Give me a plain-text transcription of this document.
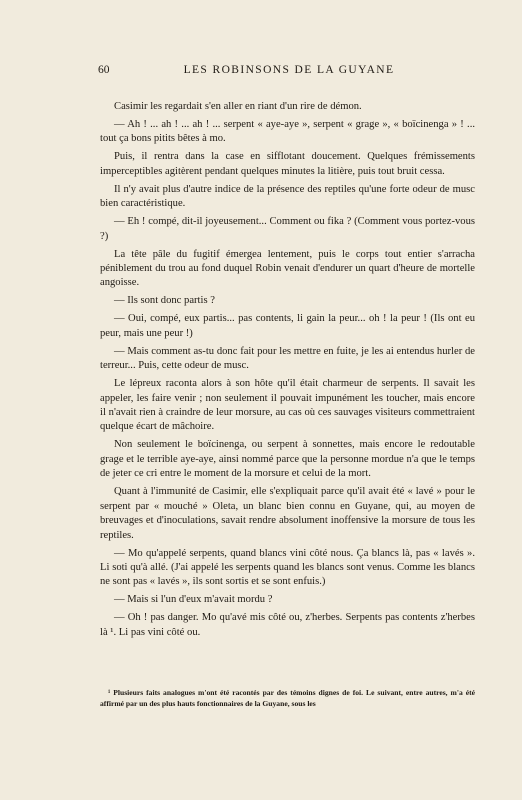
60	LES ROBINSONS DE LA GUYANE

Casimir les regardait s'en aller en riant d'un rire de démon.

— Ah ! ... ah ! ... ah ! ... serpent « aye-aye », serpent « grage », « boïcinenga » ! ... tout ça bons pitits bêtes à mo.

Puis, il rentra dans la case en sifflotant doucement. Quelques frémissements imperceptibles agitèrent pendant quelques minutes la litière, puis tout bruit cessa.

Il n'y avait plus d'autre indice de la présence des reptiles qu'une forte odeur de musc bien caractéristique.

— Eh ! compé, dit-il joyeusement... Comment ou fika ? (Comment vous portez-vous ?)

La tête pâle du fugitif émergea lentement, puis le corps tout entier s'arracha péniblement du trou au fond duquel Robin venait d'endurer un quart d'heure de mortelle angoisse.

— Ils sont donc partis ?

— Oui, compé, eux partis... pas contents, li gain la peur... oh ! la peur ! (Ils ont eu peur, mais une peur !)

— Mais comment as-tu donc fait pour les mettre en fuite, je les ai entendus hurler de terreur... Puis, cette odeur de musc.

Le lépreux raconta alors à son hôte qu'il était charmeur de serpents. Il savait les appeler, les faire venir ; non seulement il pouvait impunément les toucher, mais encore il n'avait rien à craindre de leur morsure, au cas où ces sauvages visiteurs commettraient quelque écart de mâchoire.

Non seulement le boïcinenga, ou serpent à sonnettes, mais encore le redoutable grage et le terrible aye-aye, ainsi nommé parce que la personne mordue n'a que le temps de jeter ce cri entre le moment de la morsure et celui de la mort.

Quant à l'immunité de Casimir, elle s'expliquait parce qu'il avait été « lavé » pour le serpent par « mouché » Oleta, un blanc bien connu en Guyane, qui, au moyen de breuvages et d'inoculations, savait rendre absolument inoffensive la morsure de tous les reptiles.

— Mo qu'appelé serpents, quand blancs vini côté nous. Ça blancs là, pas « lavés ». Li soti qu'à allé. (J'ai appelé les serpents quand les blancs sont venus. Comme les blancs ne sont pas « lavés », ils sont sortis et se sont enfuis.)

— Mais si l'un d'eux m'avait mordu ?

— Oh ! pas danger. Mo qu'avé mis côté ou, z'herbes. Serpents pas contents z'herbes là ¹. Li pas vini côté ou.

¹ Plusieurs faits analogues m'ont été racontés par des témoins dignes de foi. Le suivant, entre autres, m'a été affirmé par un des plus hauts fonctionnaires de la Guyane, sous les
